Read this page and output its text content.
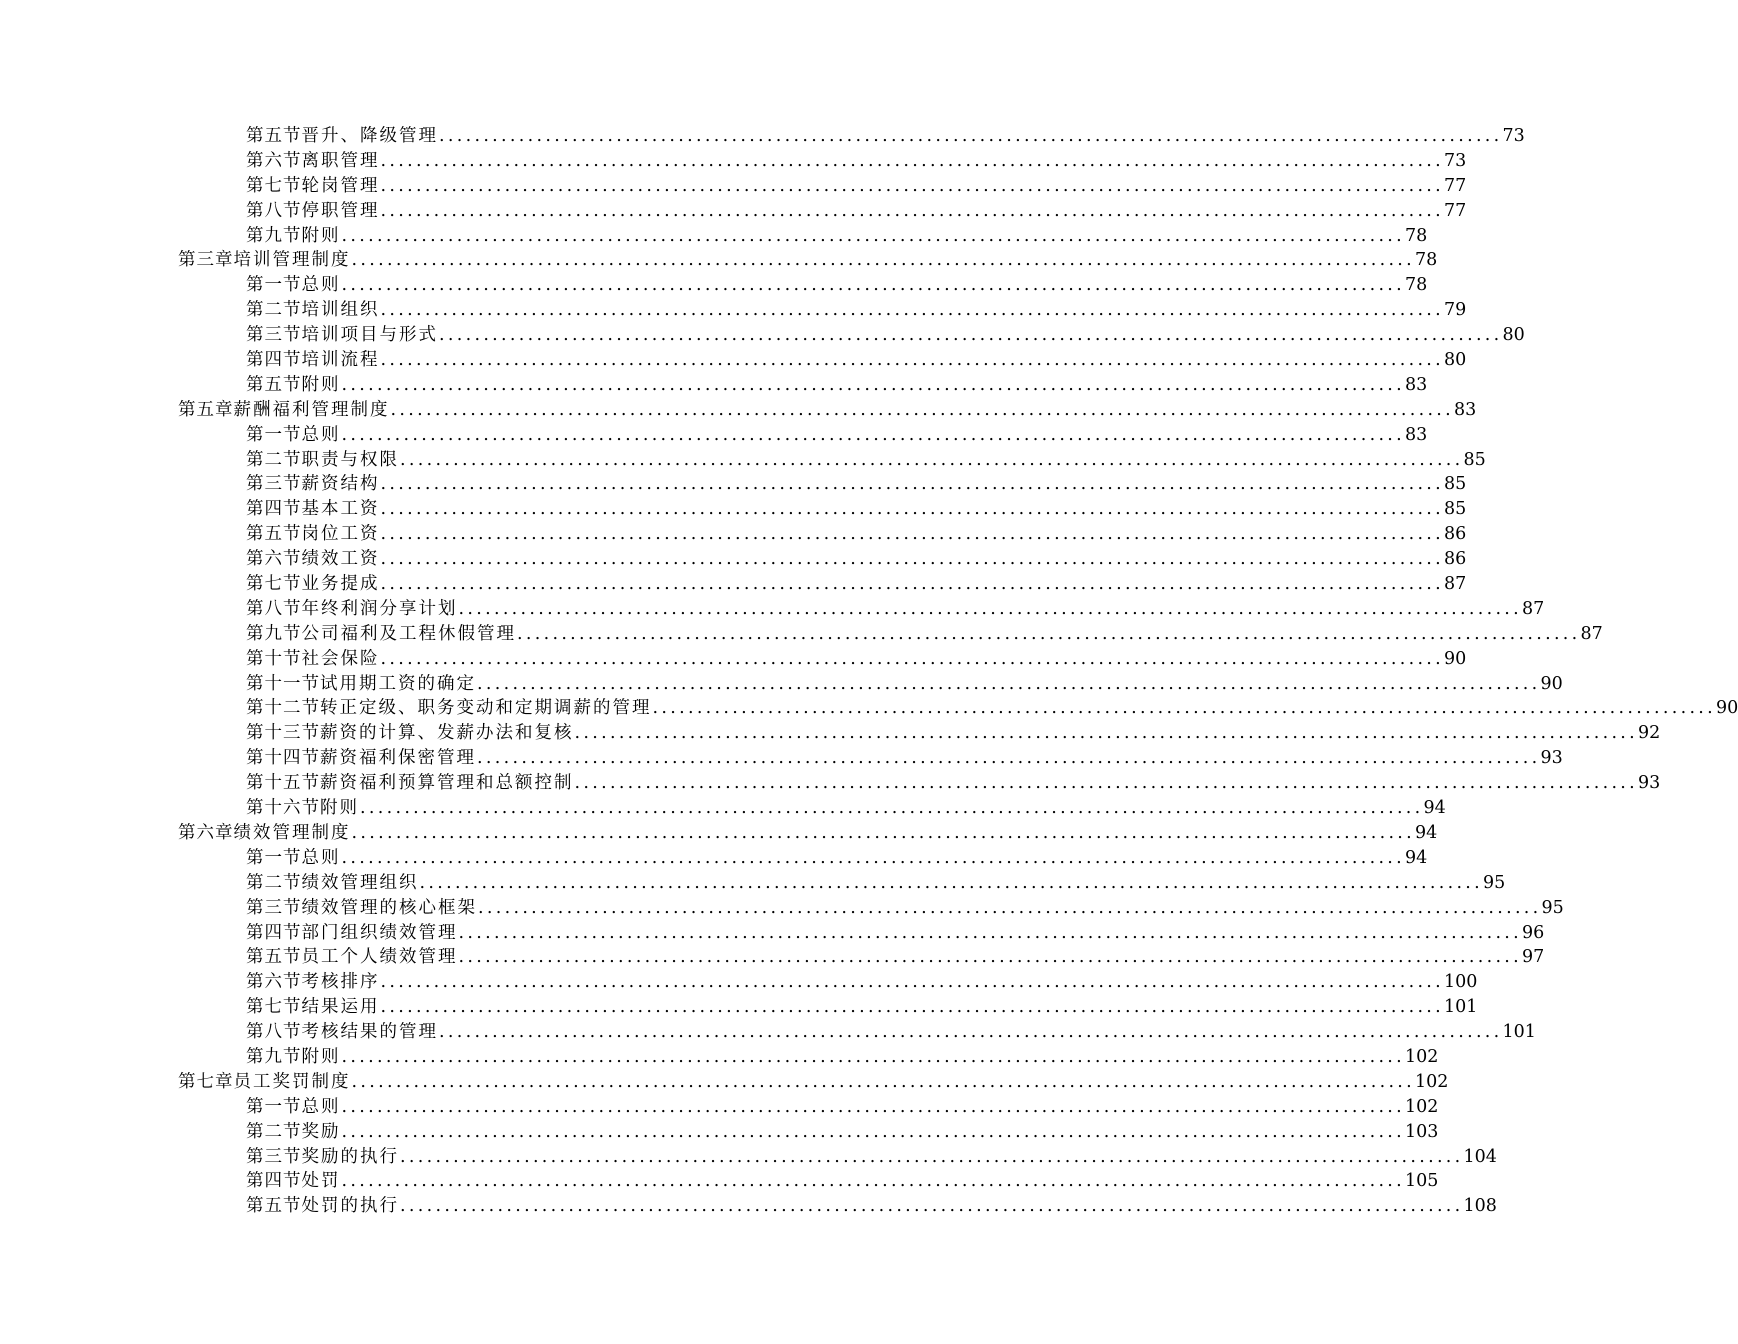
第五节 晋升、降级管理 ........................................................................................................................ 73
第六节 离职管理 ........................................................................................................................ 73
第七节 轮岗管理 ........................................................................................................................ 77
第八节 停职管理 ........................................................................................................................ 77
第九节 附则 ........................................................................................................................ 78
第三章 培训管理制度 ........................................................................................................................ 78
第一节 总则 ........................................................................................................................ 78
第二节 培训组织 ........................................................................................................................ 79
第三节 培训项目与形式 ........................................................................................................................ 80
第四节 培训流程 ........................................................................................................................ 80
第五节 附则 ........................................................................................................................ 83
第五章 薪酬福利管理制度 ........................................................................................................................ 83
第一节 总则 ........................................................................................................................ 83
第二节 职责与权限 ........................................................................................................................ 85
第三节 薪资结构 ........................................................................................................................ 85
第四节 基本工资 ........................................................................................................................ 85
第五节 岗位工资 ........................................................................................................................ 86
第六节 绩效工资 ........................................................................................................................ 86
第七节 业务提成 ........................................................................................................................ 87
第八节 年终利润分享计划 ........................................................................................................................ 87
第九节 公司福利及工程休假管理 ........................................................................................................................ 87
第十节 社会保险 ........................................................................................................................ 90
第十一节 试用期工资的确定 ........................................................................................................................ 90
第十二节 转正定级、职务变动和定期调薪的管理 ........................................................................................................................ 90
第十三节 薪资的计算、发薪办法和复核 ........................................................................................................................ 92
第十四节 薪资福利保密管理 ........................................................................................................................ 93
第十五节 薪资福利预算管理和总额控制 ........................................................................................................................ 93
第十六节 附则 ........................................................................................................................ 94
第六章 绩效管理制度 ........................................................................................................................ 94
第一节 总则 ........................................................................................................................ 94
第二节 绩效管理组织 ........................................................................................................................ 95
第三节 绩效管理的核心框架 ........................................................................................................................ 95
第四节 部门组织绩效管理 ........................................................................................................................ 96
第五节 员工个人绩效管理 ........................................................................................................................ 97
第六节 考核排序 ........................................................................................................................ 100
第七节 结果运用 ........................................................................................................................ 101
第八节 考核结果的管理 ........................................................................................................................ 101
第九节 附则 ........................................................................................................................ 102
第七章 员工奖罚制度 ........................................................................................................................ 102
第一节 总则 ........................................................................................................................ 102
第二节 奖励 ........................................................................................................................ 103
第三节 奖励的执行 ........................................................................................................................ 104
第四节 处罚 ........................................................................................................................ 105
第五节 处罚的执行 ........................................................................................................................ 108
